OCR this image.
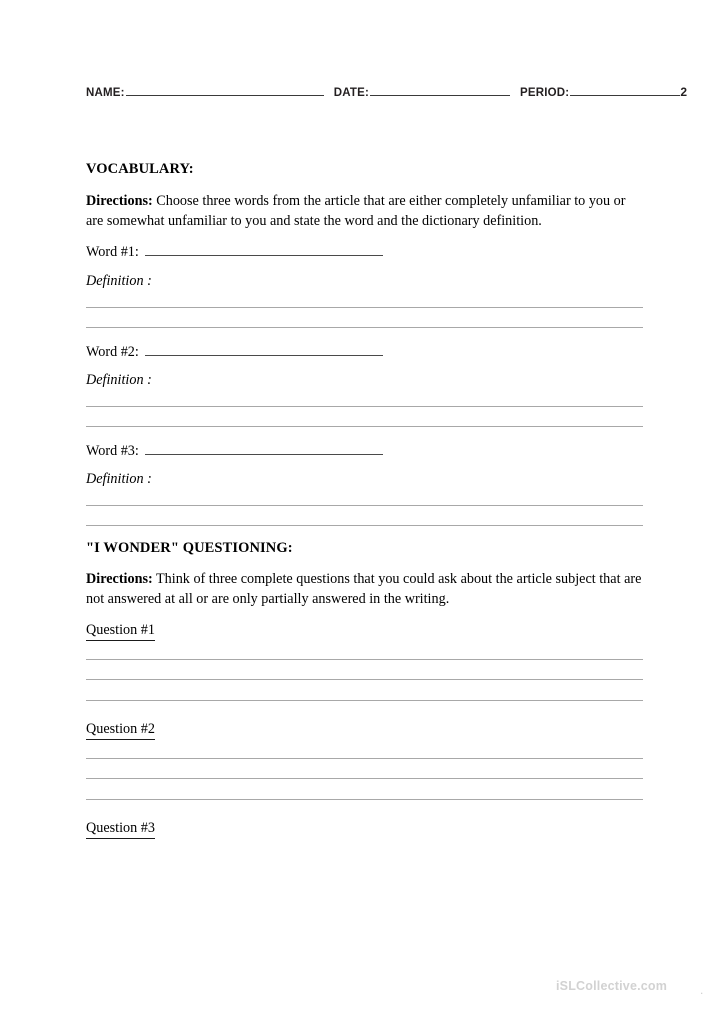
NAME:	DATE:	PERIOD:	2
VOCABULARY:
Directions: Choose three words from the article that are either completely unfamiliar to you or are somewhat unfamiliar to you and state the word and the dictionary definition.
Word #1:
Definition :
Word #2:
Definition :
Word #3:
Definition :
"I WONDER" QUESTIONING:
Directions: Think of three complete questions that you could ask about the article subject that are not answered at all or are only partially answered in the writing.
Question #1
Question #2
Question #3
iSLCollective.com	.
